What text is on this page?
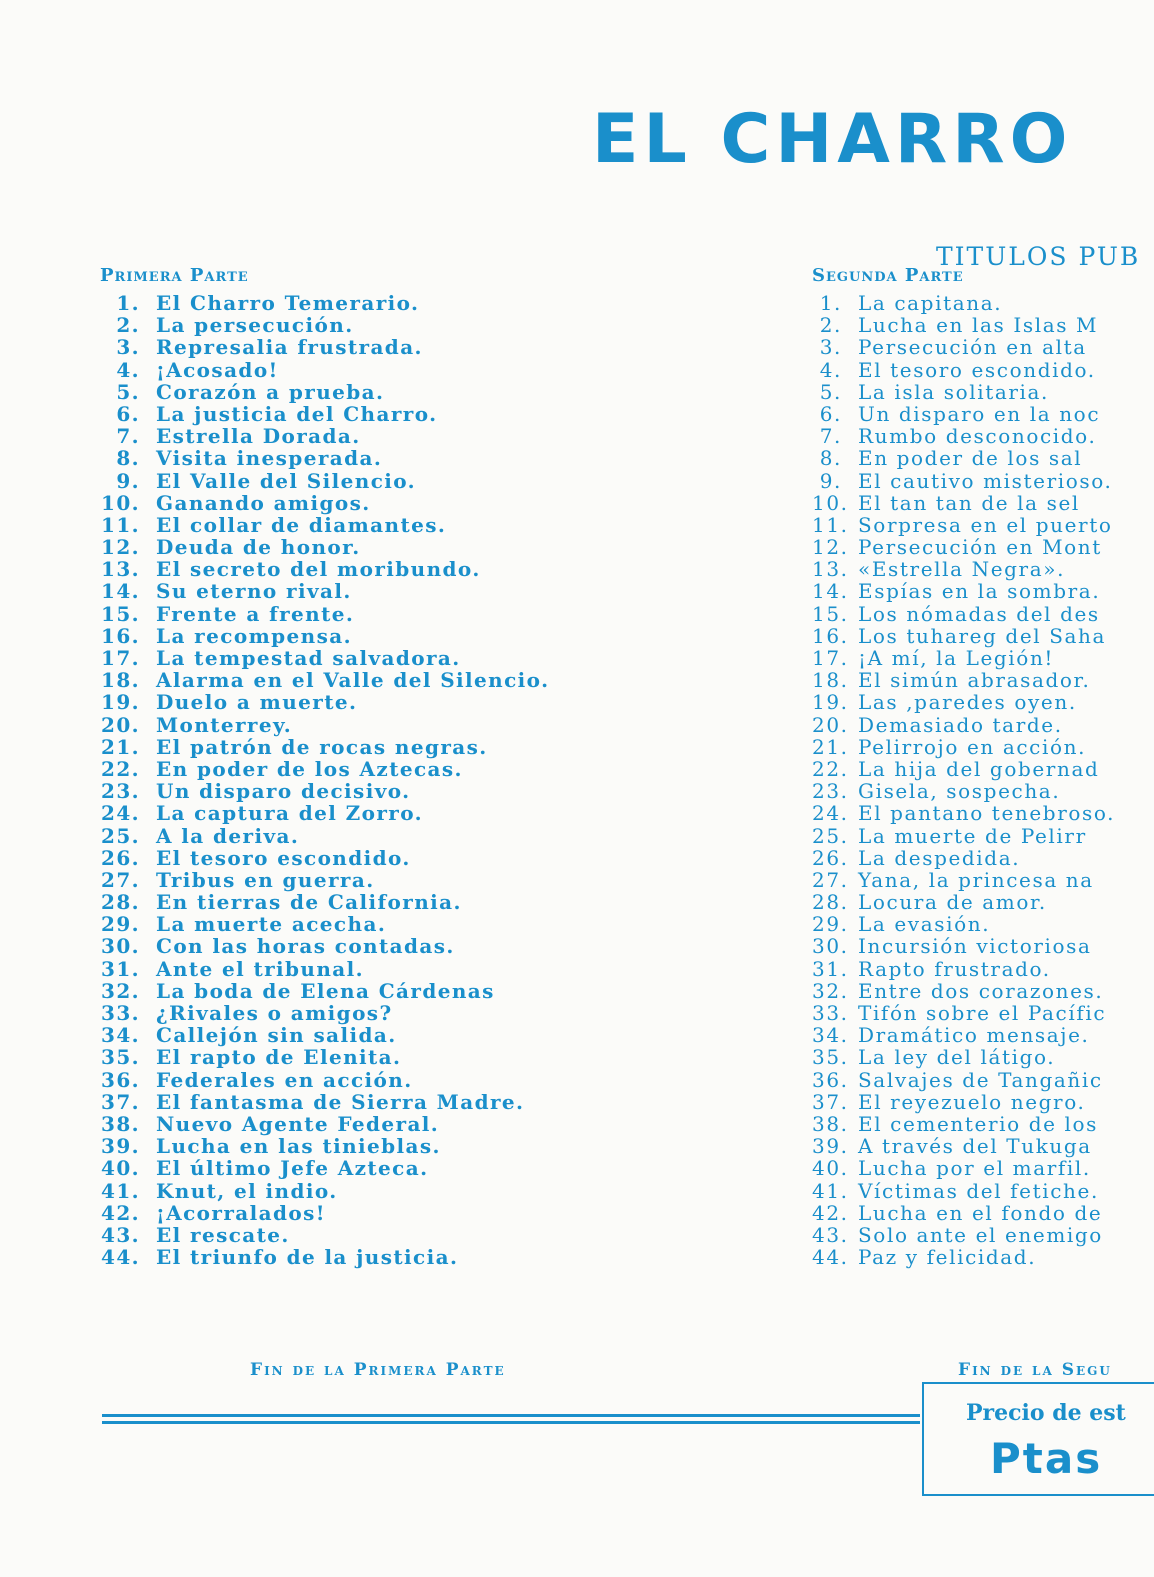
EL CHARRO
TITULOS PUB
Primera Parte
1. El Charro Temerario.
2. La persecución.
3. Represalia frustrada.
4. ¡Acosado!
5. Corazón a prueba.
6. La justicia del Charro.
7. Estrella Dorada.
8. Visita inesperada.
9. El Valle del Silencio.
10. Ganando amigos.
11. El collar de diamantes.
12. Deuda de honor.
13. El secreto del moribundo.
14. Su eterno rival.
15. Frente a frente.
16. La recompensa.
17. La tempestad salvadora.
18. Alarma en el Valle del Silencio.
19. Duelo a muerte.
20. Monterrey.
21. El patrón de rocas negras.
22. En poder de los Aztecas.
23. Un disparo decisivo.
24. La captura del Zorro.
25. A la deriva.
26. El tesoro escondido.
27. Tribus en guerra.
28. En tierras de California.
29. La muerte acecha.
30. Con las horas contadas.
31. Ante el tribunal.
32. La boda de Elena Cárdenas
33. ¿Rivales o amigos?
34. Callejón sin salida.
35. El rapto de Elenita.
36. Federales en acción.
37. El fantasma de Sierra Madre.
38. Nuevo Agente Federal.
39. Lucha en las tinieblas.
40. El último Jefe Azteca.
41. Knut, el indio.
42. ¡Acorralados!
43. El rescate.
44. El triunfo de la justicia.
Segunda Parte
1. La capitana.
2. Lucha en las Islas M
3. Persecución en alta
4. El tesoro escondido.
5. La isla solitaria.
6. Un disparo en la noc
7. Rumbo desconocido.
8. En poder de los sal
9. El cautivo misterioso.
10. El tan tan de la sel
11. Sorpresa en el puerto
12. Persecución en Mont
13. «Estrella Negra».
14. Espías en la sombra.
15. Los nómadas del des
16. Los tuhareg del Saha
17. ¡A mí, la Legión!
18. El simún abrasador.
19. Las ,paredes oyen.
20. Demasiado tarde.
21. Pelirrojo en acción.
22. La hija del gobernad
23. Gisela, sospecha.
24. El pantano tenebroso.
25. La muerte de Pelirr
26. La despedida.
27. Yana, la princesa na
28. Locura de amor.
29. La evasión.
30. Incursión victoriosa
31. Rapto frustrado.
32. Entre dos corazones.
33. Tifón sobre el Pacífic
34. Dramático mensaje.
35. La ley del látigo.
36. Salvajes de Tangañic
37. El reyezuelo negro.
38. El cementerio de los
39. A través del Tukuga
40. Lucha por el marfil.
41. Víctimas del fetiche.
42. Lucha en el fondo de
43. Solo ante el enemigo
44. Paz y felicidad.
Fin de la Primera Parte	Fin de la Segu
Precio de est
Ptas
